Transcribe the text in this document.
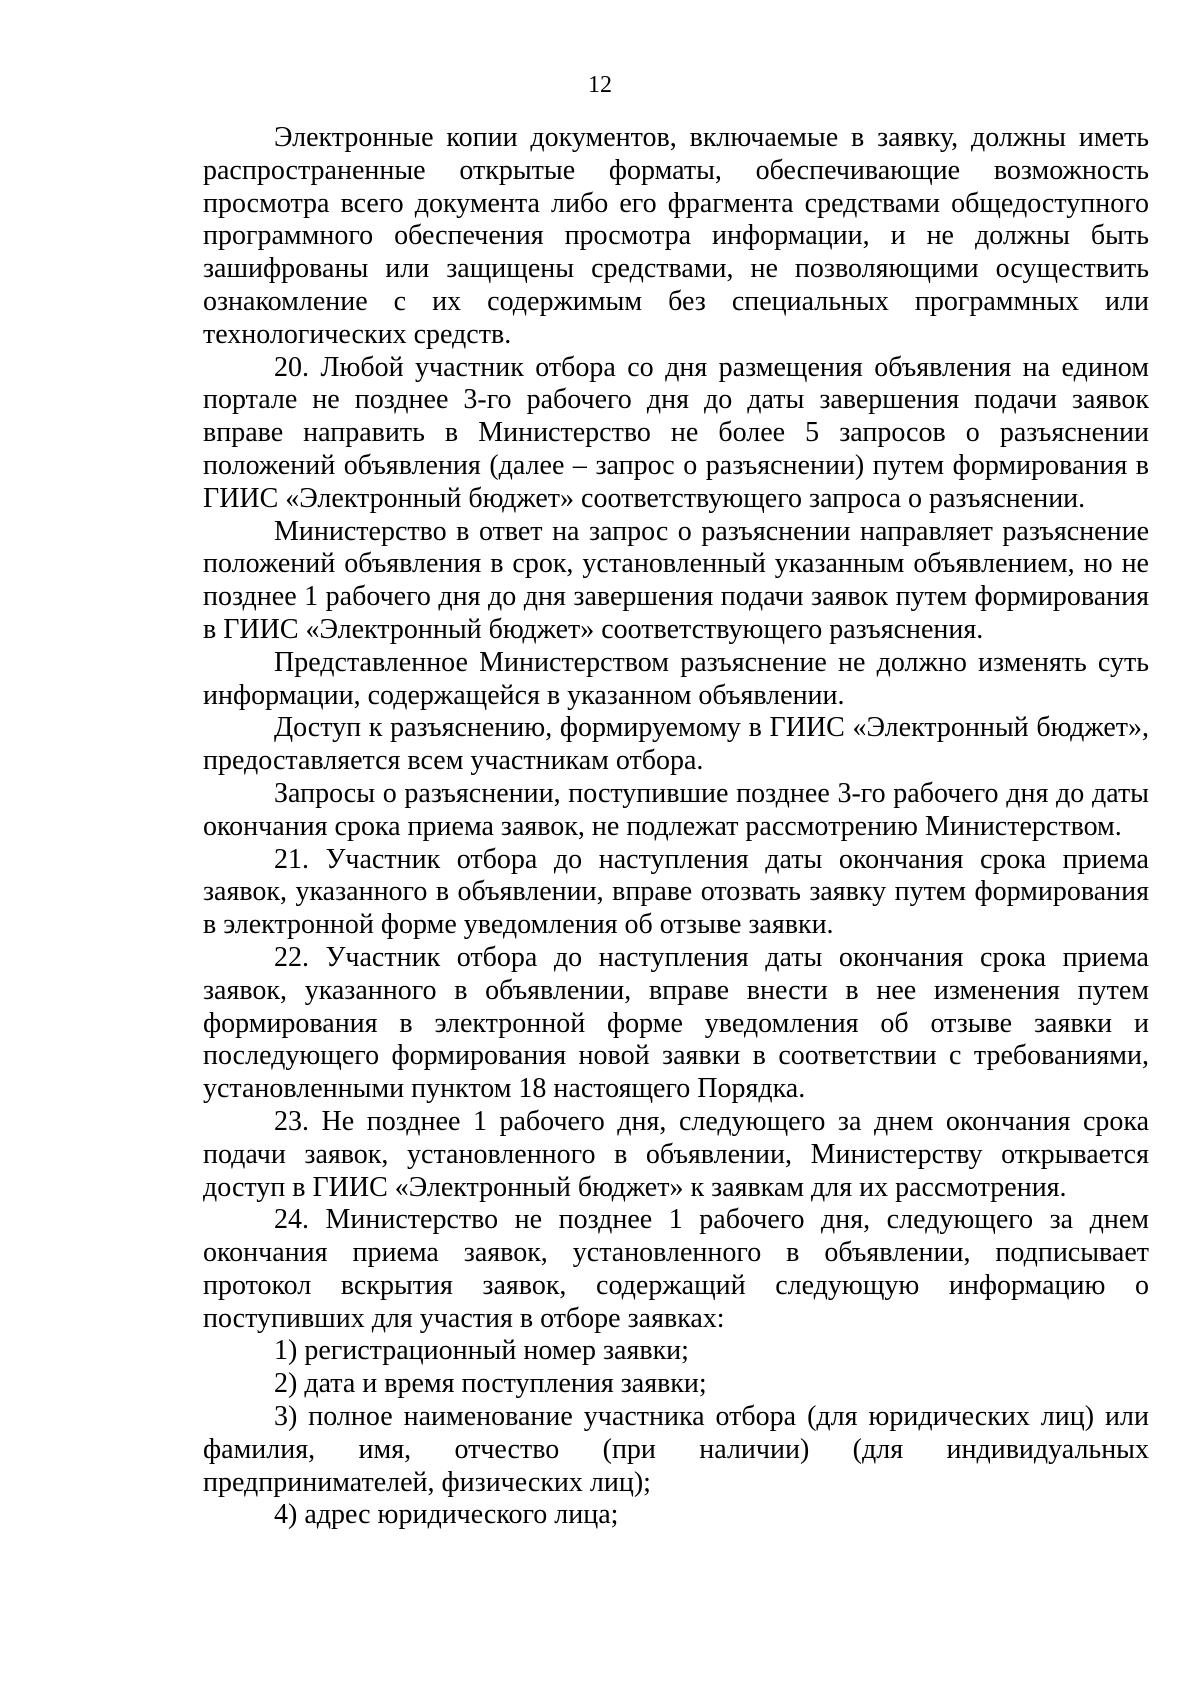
12

Электронные копии документов, включаемые в заявку, должны иметь распространенные открытые форматы, обеспечивающие возможность просмотра всего документа либо его фрагмента средствами общедоступного программного обеспечения просмотра информации, и не должны быть зашифрованы или защищены средствами, не позволяющими осуществить ознакомление с их содержимым без специальных программных или технологических средств.

20. Любой участник отбора со дня размещения объявления на едином портале не позднее 3-го рабочего дня до даты завершения подачи заявок вправе направить в Министерство не более 5 запросов о разъяснении положений объявления (далее – запрос о разъяснении) путем формирования в ГИИС «Электронный бюджет» соответствующего запроса о разъяснении.

Министерство в ответ на запрос о разъяснении направляет разъяснение положений объявления в срок, установленный указанным объявлением, но не позднее 1 рабочего дня до дня завершения подачи заявок путем формирования в ГИИС «Электронный бюджет» соответствующего разъяснения.

Представленное Министерством разъяснение не должно изменять суть информации, содержащейся в указанном объявлении.

Доступ к разъяснению, формируемому в ГИИС «Электронный бюджет», предоставляется всем участникам отбора.

Запросы о разъяснении, поступившие позднее 3-го рабочего дня до даты окончания срока приема заявок, не подлежат рассмотрению Министерством.

21. Участник отбора до наступления даты окончания срока приема заявок, указанного в объявлении, вправе отозвать заявку путем формирования в электронной форме уведомления об отзыве заявки.

22. Участник отбора до наступления даты окончания срока приема заявок, указанного в объявлении, вправе внести в нее изменения путем формирования в электронной форме уведомления об отзыве заявки и последующего формирования новой заявки в соответствии с требованиями, установленными пунктом 18 настоящего Порядка.

23. Не позднее 1 рабочего дня, следующего за днем окончания срока подачи заявок, установленного в объявлении, Министерству открывается доступ в ГИИС «Электронный бюджет» к заявкам для их рассмотрения.

24. Министерство не позднее 1 рабочего дня, следующего за днем окончания приема заявок, установленного в объявлении, подписывает протокол вскрытия заявок, содержащий следующую информацию о поступивших для участия в отборе заявках:

1) регистрационный номер заявки;

2) дата и время поступления заявки;

3) полное наименование участника отбора (для юридических лиц) или фамилия, имя, отчество (при наличии) (для индивидуальных предпринимателей, физических лиц);

4) адрес юридического лица;
